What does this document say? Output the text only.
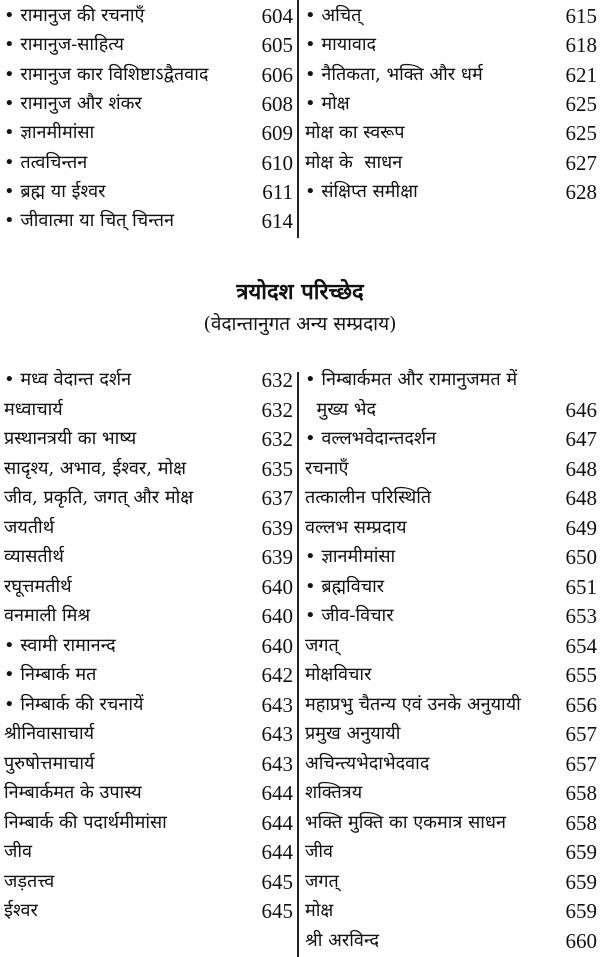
• रामानुज की रचनाएँ	604
• रामानुज-साहित्य	605
• रामानुज कार विशिष्टाऽद्वैतवाद	606
• रामानुज और शंकर	608
• ज्ञानमीमांसा	609
• तत्वचिन्तन	610
• ब्रह्म या ईश्वर	611
• जीवात्मा या चित् चिन्तन	614
• अचित्	615
• मायावाद	618
• नैतिकता, भक्ति और धर्म	621
• मोक्ष	625
मोक्ष का स्वरूप	625
मोक्ष के  साधन	627
• संक्षिप्त समीक्षा	628
त्रयोदश परिच्छेद
(वेदान्तानुगत अन्य सम्प्रदाय)
• मध्व वेदान्त दर्शन	632
मध्वाचार्य	632
प्रस्थानत्रयी का भाष्य	632
सादृश्य, अभाव, ईश्वर, मोक्ष	635
जीव, प्रकृति, जगत् और मोक्ष	637
जयतीर्थ	639
व्यासतीर्थ	639
रघूत्तमतीर्थ	640
वनमाली मिश्र	640
• स्वामी रामानन्द	640
• निम्बार्क मत	642
• निम्बार्क की रचनायें	643
श्रीनिवासाचार्य	643
पुरुषोत्तमाचार्य	643
निम्बार्कमत के उपास्य	644
निम्बार्क की पदार्थमीमांसा	644
जीव	644
जड़तत्त्व	645
ईश्वर	645
• निम्बार्कमत और रामानुजमत में
मुख्य भेद	646
• वल्लभवेदान्तदर्शन	647
रचनाएँ	648
तत्कालीन परिस्थिति	648
वल्लभ सम्प्रदाय	649
• ज्ञानमीमांसा	650
• ब्रह्मविचार	651
• जीव-विचार	653
जगत्	654
मोक्षविचार	655
महाप्रभु चैतन्य एवं उनके अनुयायी 656
प्रमुख अनुयायी	657
अचिन्त्यभेदाभेदवाद	657
शक्तित्रय	658
भक्ति मुक्ति का एकमात्र साधन	658
जीव	659
जगत्	659
मोक्ष	659
श्री अरविन्द	660
